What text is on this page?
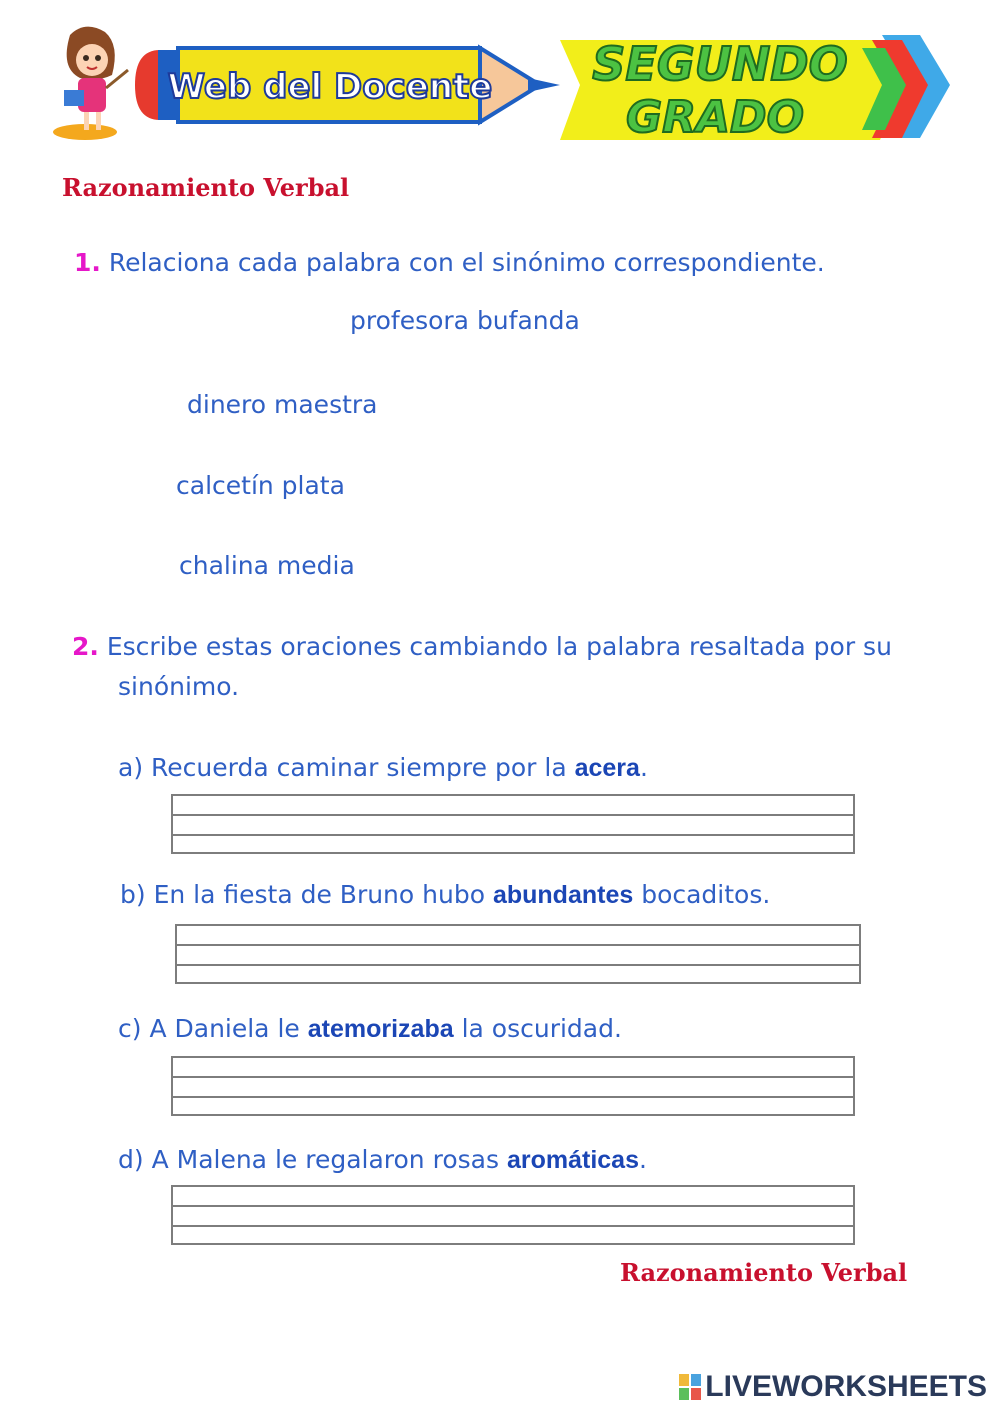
Web del Docente SEGUNDO
GRADO
Razonamiento Verbal
1. Relaciona cada palabra con el sinónimo correspondiente.
profesora bufanda
dinero maestra
calcetín plata
chalina media
2. Escribe estas oraciones cambiando la palabra resaltada por su
sinónimo.
a) Recuerda caminar siempre por la acera.
b) En la fiesta de Bruno hubo abundantes bocaditos.
c) A Daniela le atemorizaba la oscuridad.
d) A Malena le regalaron rosas aromáticas.
Razonamiento Verbal
LIVEWORKSHEETS
